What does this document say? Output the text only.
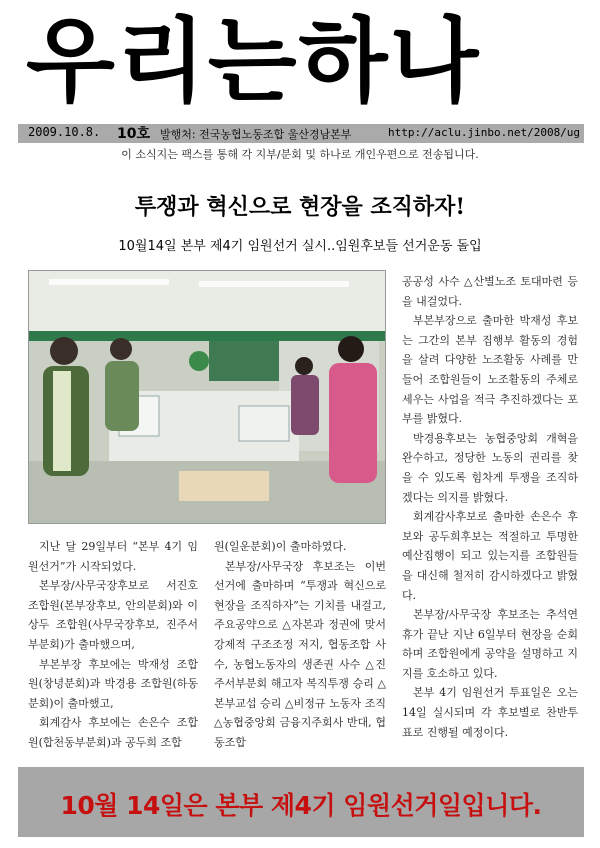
우리는하나
2009.10.8. 10호 발행처: 전국농협노동조합 울산경남본부	http://aclu.jinbo.net/2008/ug
이 소식지는 팩스를 통해 각 지부/분회 및 하나로 개인우편으로 전송됩니다.
투쟁과 혁신으로 현장을 조직하자!
10월14일 본부 제4기 임원선거 실시..임원후보들 선거운동 돌입

공공성 사수 △산별노조 토대마련 등을 내걸었다.

부본부장으로 출마한 박재성 후보는 그간의 본부 집행부 활동의 경험을 살려 다양한 노조활동 사례를 만들어 조합원들이 노조활동의 주체로 세우는 사업을 적극 추진하겠다는 포부를 밝혔다.

박경용후보는 농협중앙회 개혁을 완수하고, 정당한 노동의 권리를 찾을 수 있도록 힘차게 투쟁을 조직하겠다는 의지를 밝혔다.

회계감사후보로 출마한 손은수 후보와 공두희후보는 적절하고 투명한 예산집행이 되고 있는지를 조합원들을 대신해 철저히 감시하겠다고 밝혔다.

본부장/사무국장 후보조는 추석연휴가 끝난 지난 6일부터 현장을 순회하며 조합원에게 공약을 설명하고 지지를 호소하고 있다.

본부 4기 임원선거 투표일은 오는 14일 실시되며 각 후보별로 찬반투표로 진행될 예정이다.

지난 달 29일부터 “본부 4기 임원선거”가 시작되었다.

본부장/사무국장후보로 서진호 조합원(본부장후보, 안의분회)와 이상두 조합원(사무국장후보, 진주서부분회)가 출마했으며,

부본부장 후보에는 박재성 조합원(창녕분회)과 박경용 조합원(하동분회)이 출마했고,

회계감사 후보에는 손은수 조합원(합천동부분회)과 공두희 조합

원(일운분회)이 출마하였다.

본부장/사무국장 후보조는 이번 선거에 출마하며 “투쟁과 혁신으로 현장을 조직하자”는 기치를 내걸고, 주요공약으로 △자본과 정권에 맞서 강제적 구조조정 저지, 협동조합 사수, 농협노동자의 생존권 사수 △진주서부분회 해고자 복직투쟁 승리 △본부교섭 승리 △비정규 노동자 조직 △농협중앙회 금융지주회사 반대, 협동조합

10월 14일은 본부 제4기 임원선거일입니다.
